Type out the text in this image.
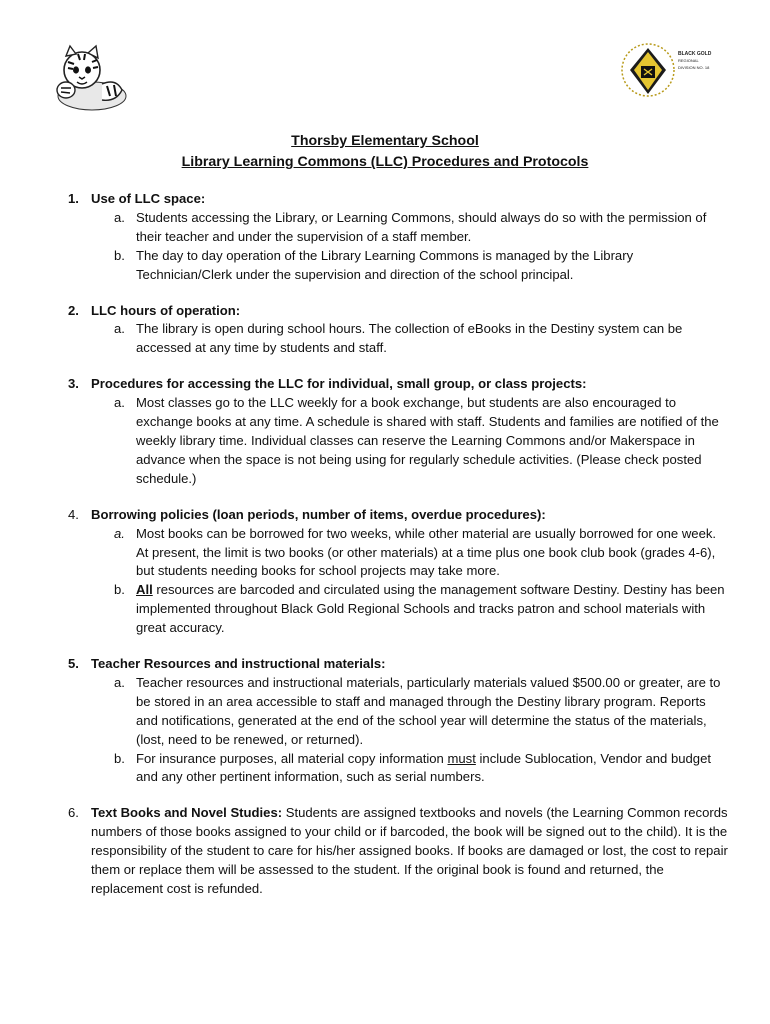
BLACK GOLD
REGIONAL
DIVISION NO. 18
Thorsby Elementary School
Library Learning Commons (LLC) Procedures and Protocols
1. Use of LLC space:
a. Students accessing the Library, or Learning Commons, should always do so with the permission of their teacher and under the supervision of a staff member.
b. The day to day operation of the Library Learning Commons is managed by the Library Technician/Clerk under the supervision and direction of the school principal.
2. LLC hours of operation:
a. The library is open during school hours. The collection of eBooks in the Destiny system can be accessed at any time by students and staff.
3. Procedures for accessing the LLC for individual, small group, or class projects:
a. Most classes go to the LLC weekly for a book exchange, but students are also encouraged to exchange books at any time. A schedule is shared with staff. Students and families are notified of the weekly library time. Individual classes can reserve the Learning Commons and/or Makerspace in advance when the space is not being using for regularly schedule activities. (Please check posted schedule.)
4. Borrowing policies (loan periods, number of items, overdue procedures):
a. Most books can be borrowed for two weeks, while other material are usually borrowed for one week. At present, the limit is two books (or other materials) at a time plus one book club book (grades 4-6), but students needing books for school projects may take more.
b. All resources are barcoded and circulated using the management software Destiny. Destiny has been implemented throughout Black Gold Regional Schools and tracks patron and school materials with great accuracy.
5. Teacher Resources and instructional materials:
a. Teacher resources and instructional materials, particularly materials valued $500.00 or greater, are to be stored in an area accessible to staff and managed through the Destiny library program. Reports and notifications, generated at the end of the school year will determine the status of the materials, (lost, need to be renewed, or returned).
b. For insurance purposes, all material copy information must include Sublocation, Vendor and budget and any other pertinent information, such as serial numbers.
6. Text Books and Novel Studies: Students are assigned textbooks and novels (the Learning Common records numbers of those books assigned to your child or if barcoded, the book will be signed out to the child). It is the responsibility of the student to care for his/her assigned books. If books are damaged or lost, the cost to repair them or replace them will be assessed to the student. If the original book is found and returned, the replacement cost is refunded.
